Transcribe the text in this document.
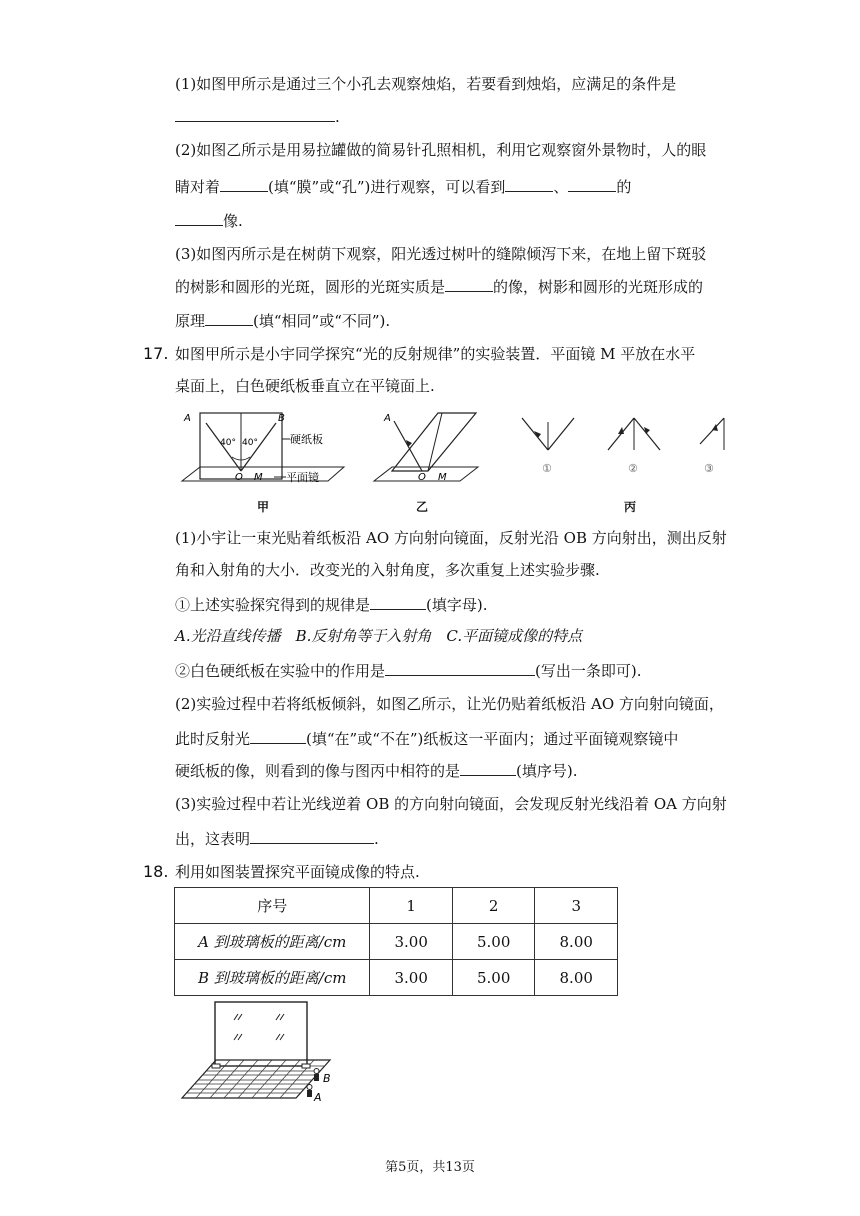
(1)如图甲所示是通过三个小孔去观察烛焰，若要看到烛焰，应满足的条件是
.
(2)如图乙所示是用易拉罐做的简易针孔照相机，利用它观察窗外景物时，人的眼
睛对着	(填“膜”或“孔”)进行观察，可以看到	、	的
像.
(3)如图丙所示是在树荫下观察，阳光透过树叶的缝隙倾泻下来，在地上留下斑驳
的树影和圆形的光斑，圆形的光斑实质是	的像，树影和圆形的光斑形成的
原理	(填“相同”或“不同”).
17. 如图甲所示是小宇同学探究“光的反射规律”的实验装置．平面镜 M 平放在水平
桌面上，白色硬纸板垂直立在平镜面上.
A	B
40° 40°
O M
硬纸板
平面镜
甲
A
O M
乙
①	②	③
丙
(1)小宇让一束光贴着纸板沿 AO 方向射向镜面，反射光沿 OB 方向射出，测出反射
角和入射角的大小．改变光的入射角度，多次重复上述实验步骤.
①上述实验探究得到的规律是	(填字母).
A.光沿直线传播　B.反射角等于入射角　C.平面镜成像的特点
②白色硬纸板在实验中的作用是	(写出一条即可).
(2)实验过程中若将纸板倾斜，如图乙所示，让光仍贴着纸板沿 AO 方向射向镜面，
此时反射光	(填“在”或“不在”)纸板这一平面内；通过平面镜观察镜中
硬纸板的像，则看到的像与图丙中相符的是	(填序号).
(3)实验过程中若让光线逆着 OB 的方向射向镜面，会发现反射光线沿着 OA 方向射
出，这表明	.
18. 利用如图装置探究平面镜成像的特点.
序号	1	2	3
A 到玻璃板的距离/cm	3.00	5.00	8.00
B 到玻璃板的距离/cm	3.00	5.00	8.00
B
A
第5页，共13页
